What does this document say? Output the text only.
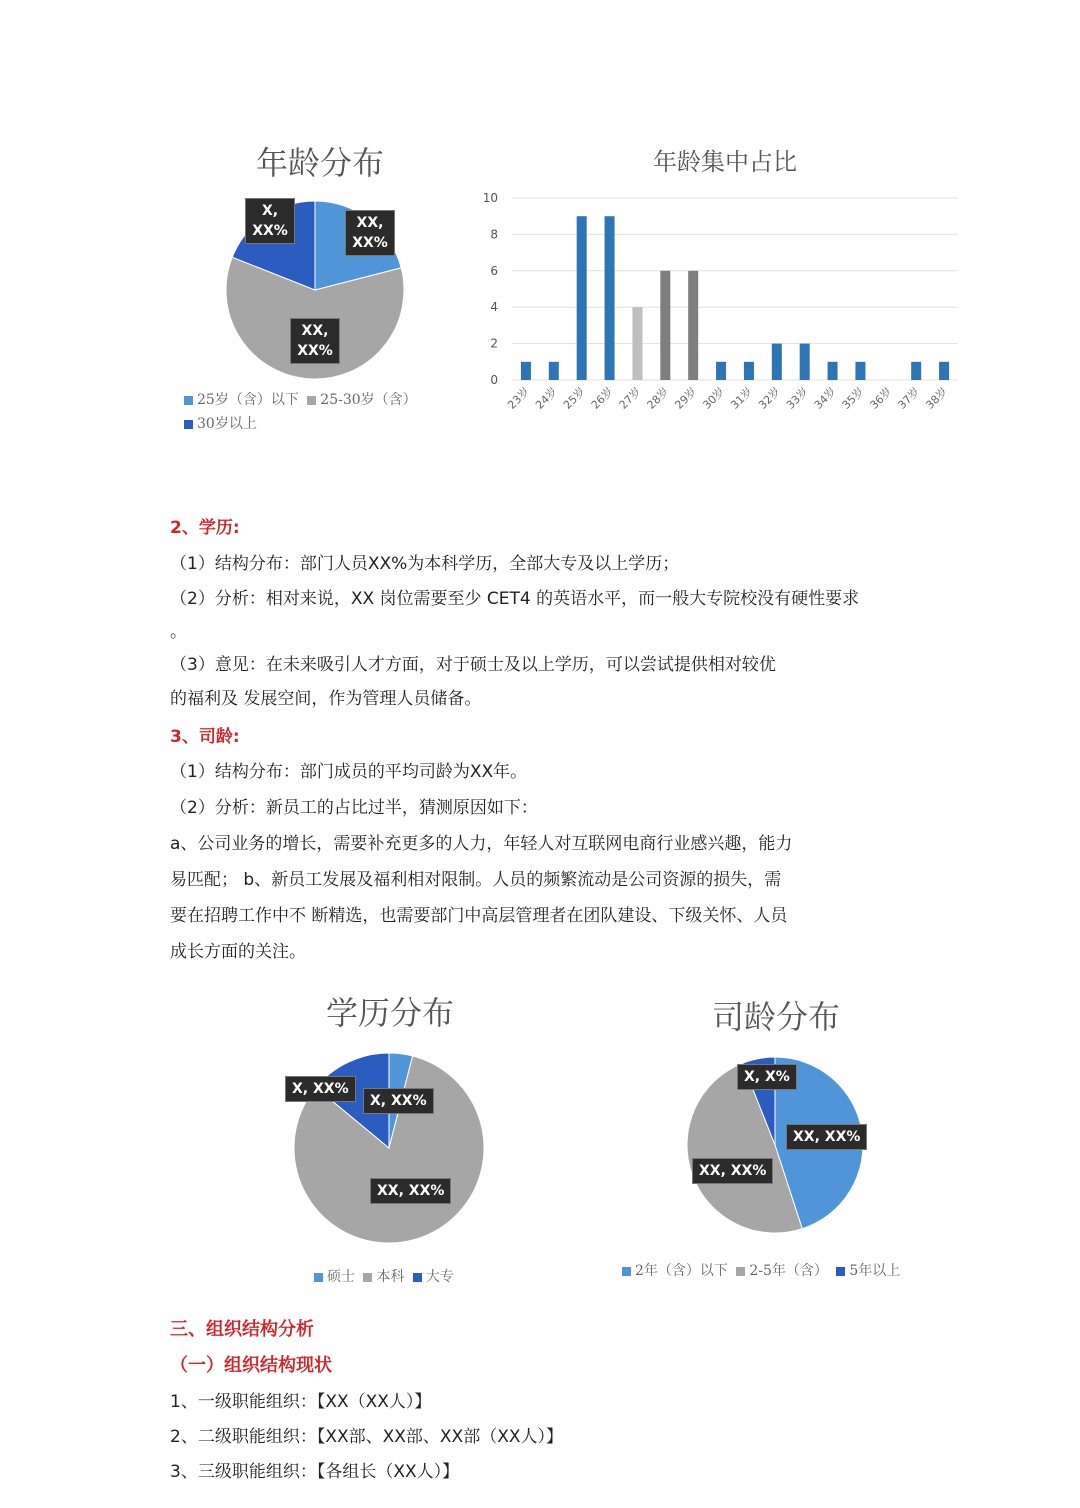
年龄分布
X, XX%	XX, XX%
XX, XX%
25岁（含）以下 25-30岁（含）
30岁以上
年龄集中占比
0
2
4
6
8
10
23岁 24岁 25岁 26岁 27岁 28岁 29岁 30岁 31岁 32岁 33岁 34岁 35岁 36岁 37岁 38岁
2、学历:
（1）结构分布：部门人员XX%为本科学历，全部大专及以上学历；
（2）分析：相对来说，XX 岗位需要至少 CET4 的英语水平，而一般大专院校没有硬性要求
。
（3）意见：在未来吸引人才方面，对于硕士及以上学历，可以尝试提供相对较优
的福利及 发展空间，作为管理人员储备。
3、司龄:
（1）结构分布：部门成员的平均司龄为XX年。
（2）分析：新员工的占比过半，猜测原因如下：
a、公司业务的增长，需要补充更多的人力，年轻人对互联网电商行业感兴趣，能力
易匹配； b、新员工发展及福利相对限制。人员的频繁流动是公司资源的损失，需
要在招聘工作中不 断精选，也需要部门中高层管理者在团队建设、下级关怀、人员
成长方面的关注。
学历分布
X, XX%
X, XX%
XX, XX%
硕士 本科 大专
司龄分布
X, X%
XX, XX%
XX, XX%
2年（含）以下 2-5年（含） 5年以上
三、组织结构分析
（一）组织结构现状
1、一级职能组织：【XX（XX人）】
2、二级职能组织：【XX部、XX部、XX部（XX人）】
3、三级职能组织：【各组长（XX人）】
